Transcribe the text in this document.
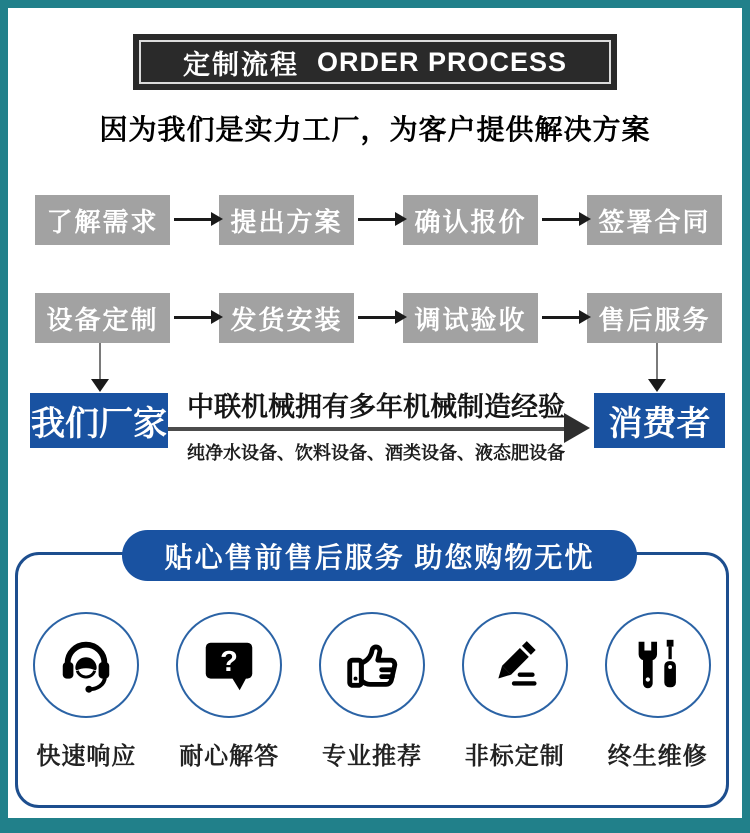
定制流程 ORDER PROCESS
因为我们是实力工厂，为客户提供解决方案
了解需求	提出方案	确认报价	签署合同
设备定制	发货安装	调试验收	售后服务
我们厂家 中联机械拥有多年机械制造经验
纯净水设备、饮料设备、酒类设备、液态肥设备
消费者
贴心售前售后服务 助您购物无忧
快速响应
?
耐心解答 专业推荐 非标定制 终生维修
